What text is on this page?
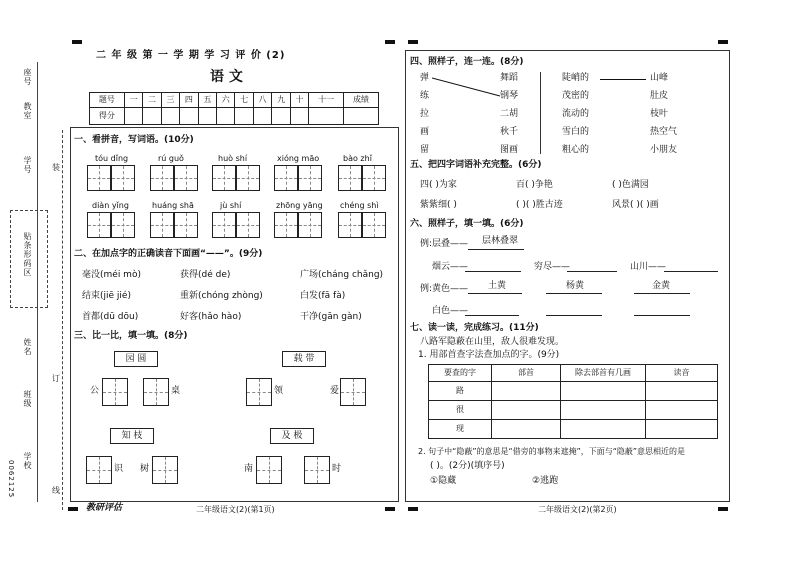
座号
教室
学号
贴条形码区
姓名
班级
学校
装
订
线
0062125
二 年 级 第 一 学 期 学 习 评 价 (2)
语 文
题号	一	二	三	四	五	六	七	八	九	十	十一	成绩
得分												
一、看拼音，写词语。(10分)
tóu dǐng	rú guǒ	huò shí	xióng māo	bào zhǐ
diàn yǐng	huáng shā	jù shí	zhōng yāng chéng shì
二、在加点字的正确读音下面画“——”。(9分)
毫没(méi mò)	获得(dé de)	广场(cháng chǎng)
结束(jiē jié)	重新(chóng zhòng)	白发(fā fà)
首都(dū dōu)	好客(hǎo hào)	干净(gān gàn)
三、比一比，填一填。(8分)
园 圆	载 带
公	桌	领	爱
知 枝	及 极
识 树	南	时
教研评估	二年级语文(2)(第1页)	二年级语文(2)(第2页)
四、照样子，连一连。(8分)
弹
练
拉
画
留
舞蹈
钢琴
二胡
秋千
图画
陡峭的
茂密的
流动的
雪白的
粗心的
山峰
肚皮
枝叶
热空气
小朋友
五、把四字词语补充完整。(6分)
四( )为家	百( )争艳	( )色满园
紫紫细( )	( )( )胜古迹	风景( )( )画
六、照样子，填一填。(6分)
例:层叠—— 层林叠翠
烟云——	穷尽——	山川——
例:黄色—— 土黄	杨黄	金黄
白色——
七、读一读，完成练习。(11分)
八路军隐蔽在山里，敌人很难发现。
1. 用部首查字法查加点的字。(9分)
要查的字	部首	除去部首有几画	读音
路			
很			
现			
2. 句子中“隐蔽”的意思是“借旁的事物来遮掩”，下面与“隐蔽”意思相近的是
( )。(2分)(填序号)
①隐藏	②逃跑
